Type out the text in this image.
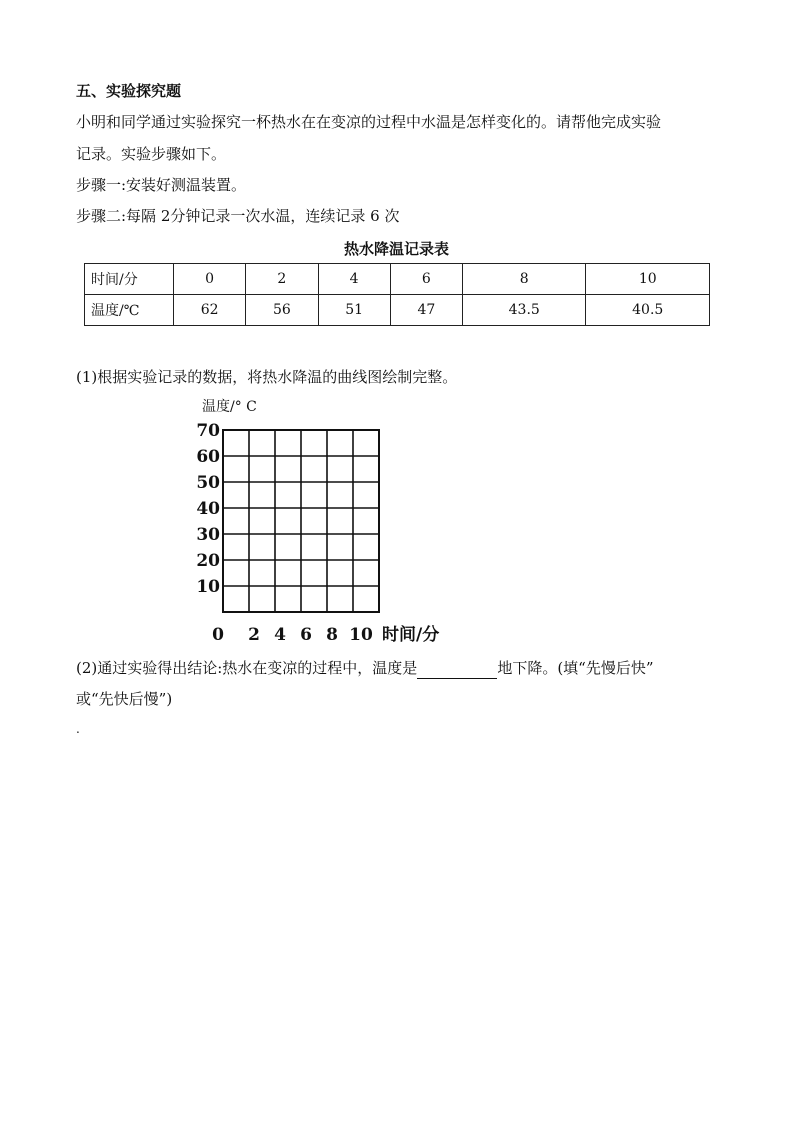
五、实验探究题
小明和同学通过实验探究一杯热水在在变凉的过程中水温是怎样变化的。请帮他完成实验
记录。实验步骤如下。
步骤一:安装好测温装置。
步骤二:每隔 2分钟记录一次水温，连续记录 6 次
热水降温记录表
时间/分	0	2	4	6	8	10
温度/℃	62	56	51	47	43.5	40.5
(1)根据实验记录的数据，将热水降温的曲线图绘制完整。
温度/° C
10
20
30
40
50
60
70
0 2 4 6 8 10 时间/分
(2)通过实验得出结论:热水在变凉的过程中，温度是	地下降。(填“先慢后快”
或“先快后慢”)
.
